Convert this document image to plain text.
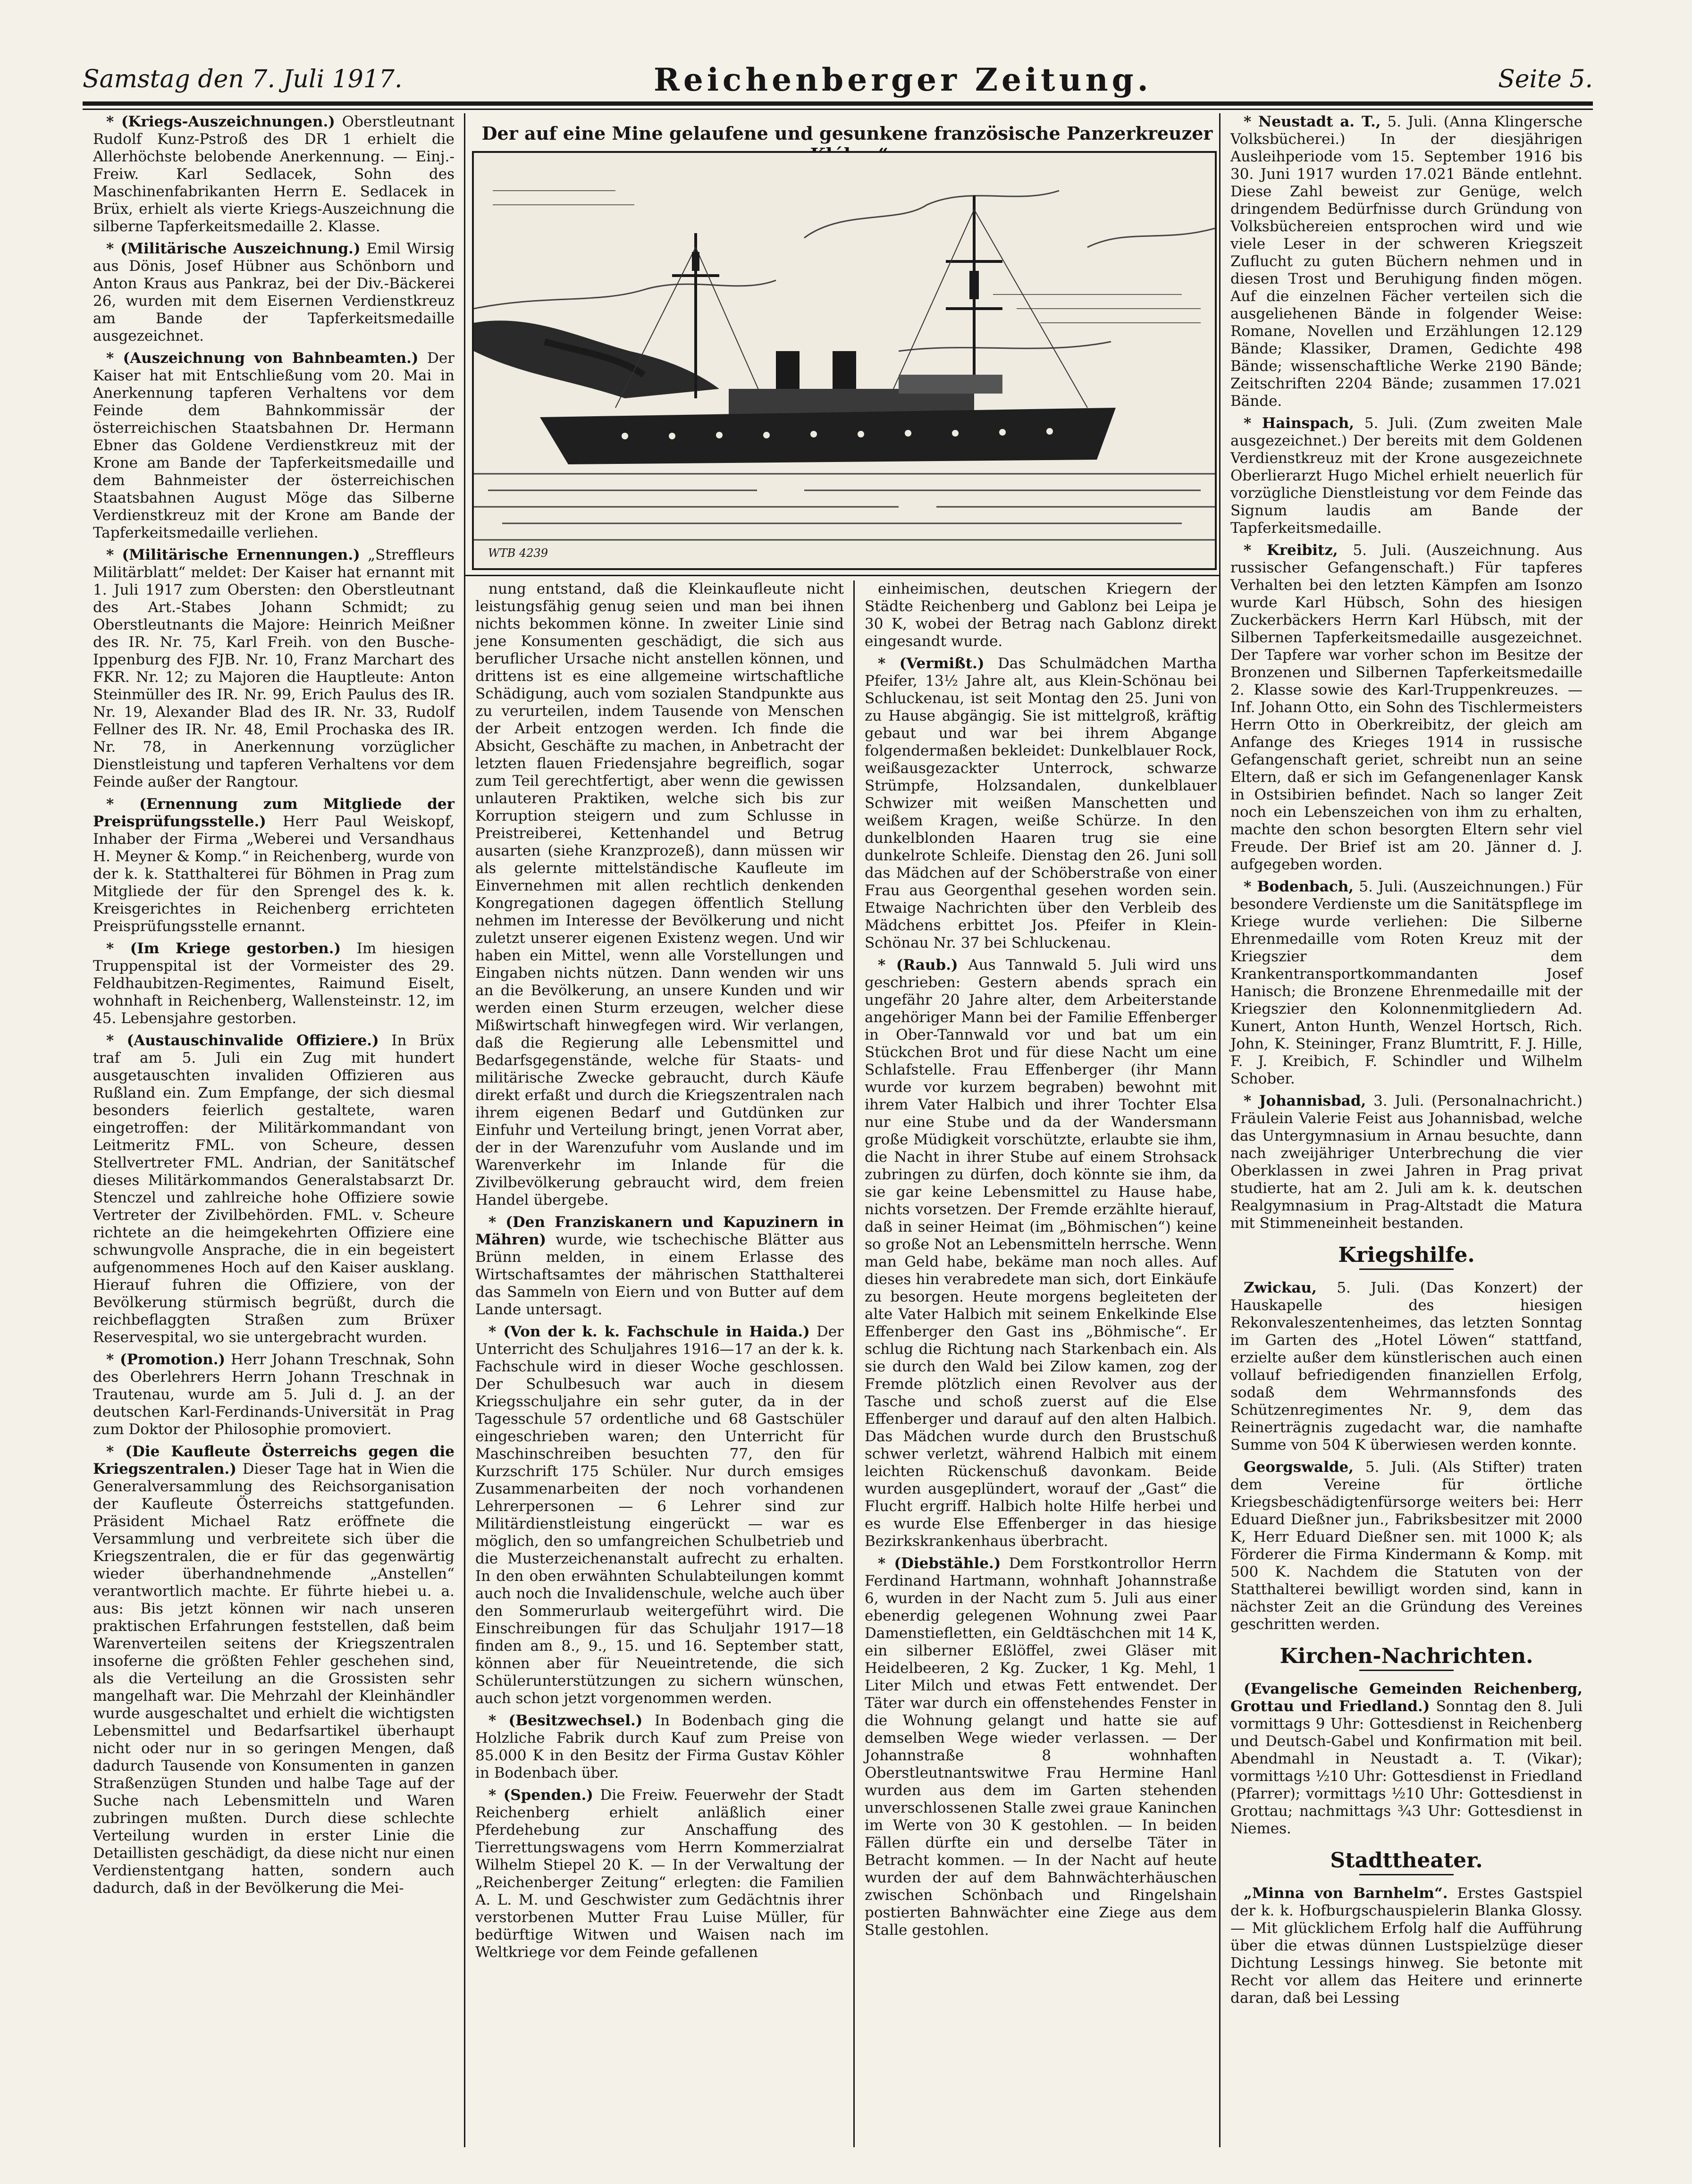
Samstag den 7. Juli 1917.	Reichenberger Zeitung.	Seite 5.
Der auf eine Mine gelaufene und gesunkene französische Panzerkreuzer
WTB 4239

* (Kriegs-Auszeichnungen.) Oberstleutnant Rudolf Kunz-Pstroß des DR 1 erhielt die Allerhöchste belobende Anerkennung. — Einj.-Freiw. Karl Sedlacek, Sohn des Maschinenfabrikanten Herrn E. Sedlacek in Brüx, erhielt als vierte Kriegs-Auszeichnung die silberne Tapferkeitsmedaille 2. Klasse.

* (Militärische Auszeichnung.) Emil Wirsig aus Dönis, Josef Hübner aus Schönborn und Anton Kraus aus Pankraz, bei der Div.-Bäckerei 26, wurden mit dem Eisernen Verdienstkreuz am Bande der Tapferkeitsmedaille ausgezeichnet.

* (Auszeichnung von Bahnbeamten.) Der Kaiser hat mit Entschließung vom 20. Mai in Anerkennung tapferen Verhaltens vor dem Feinde dem Bahnkommissär der österreichischen Staatsbahnen Dr. Hermann Ebner das Goldene Verdienstkreuz mit der Krone am Bande der Tapferkeitsmedaille und dem Bahnmeister der österreichischen Staatsbahnen August Möge das Silberne Verdienstkreuz mit der Krone am Bande der Tapferkeitsmedaille verliehen.

* (Militärische Ernennungen.) „Streffleurs Militärblatt“ meldet: Der Kaiser hat ernannt mit 1. Juli 1917 zum Obersten: den Oberstleutnant des Art.-Stabes Johann Schmidt; zu Oberstleutnants die Majore: Heinrich Meißner des IR. Nr. 75, Karl Freih. von den Busche-Ippenburg des FJB. Nr. 10, Franz Marchart des FKR. Nr. 12; zu Majoren die Hauptleute: Anton Steinmüller des IR. Nr. 99, Erich Paulus des IR. Nr. 19, Alexander Blad des IR. Nr. 33, Rudolf Fellner des IR. Nr. 48, Emil Prochaska des IR. Nr. 78, in Anerkennung vorzüglicher Dienstleistung und tapferen Verhaltens vor dem Feinde außer der Rangtour.

* (Ernennung zum Mitgliede der Preisprüfungsstelle.) Herr Paul Weiskopf, Inhaber der Firma „Weberei und Versandhaus H. Meyner & Komp.“ in Reichenberg, wurde von der k. k. Statthalterei für Böhmen in Prag zum Mitgliede der für den Sprengel des k. k. Kreisgerichtes in Reichenberg errichteten Preisprüfungsstelle ernannt.

* (Im Kriege gestorben.) Im hiesigen Truppenspital ist der Vormeister des 29. Feldhaubitzen-Regimentes, Raimund Eiselt, wohnhaft in Reichenberg, Wallensteinstr. 12, im 45. Lebensjahre gestorben.

* (Austauschinvalide Offiziere.) In Brüx traf am 5. Juli ein Zug mit hundert ausgetauschten invaliden Offizieren aus Rußland ein. Zum Empfange, der sich diesmal besonders feierlich gestaltete, waren eingetroffen: der Militärkommandant von Leitmeritz FML. von Scheure, dessen Stellvertreter FML. Andrian, der Sanitätschef dieses Militärkommandos Generalstabsarzt Dr. Stenczel und zahlreiche hohe Offiziere sowie Vertreter der Zivilbehörden. FML. v. Scheure richtete an die heimgekehrten Offiziere eine schwungvolle Ansprache, die in ein begeistert aufgenommenes Hoch auf den Kaiser ausklang. Hierauf fuhren die Offiziere, von der Bevölkerung stürmisch begrüßt, durch die reichbeflaggten Straßen zum Brüxer Reservespital, wo sie untergebracht wurden.

* (Promotion.) Herr Johann Treschnak, Sohn des Oberlehrers Herrn Johann Treschnak in Trautenau, wurde am 5. Juli d. J. an der deutschen Karl-Ferdinands-Universität in Prag zum Doktor der Philosophie promoviert.

* (Die Kaufleute Österreichs gegen die Kriegszentralen.) Dieser Tage hat in Wien die Generalversammlung des Reichsorganisation der Kaufleute Österreichs stattgefunden. Präsident Michael Ratz eröffnete die Versammlung und verbreitete sich über die Kriegszentralen, die er für das gegenwärtig wieder überhandnehmende „Anstellen“ verantwortlich machte. Er führte hiebei u. a. aus: Bis jetzt können wir nach unseren praktischen Erfahrungen feststellen, daß beim Warenverteilen seitens der Kriegszentralen insoferne die größten Fehler geschehen sind, als die Verteilung an die Grossisten sehr mangelhaft war. Die Mehrzahl der Kleinhändler wurde ausgeschaltet und erhielt die wichtigsten Lebensmittel und Bedarfsartikel überhaupt nicht oder nur in so geringen Mengen, daß dadurch Tausende von Konsumenten in ganzen Straßenzügen Stunden und halbe Tage auf der Suche nach Lebensmitteln und Waren zubringen mußten. Durch diese schlechte Verteilung wurden in erster Linie die Detaillisten geschädigt, da diese nicht nur einen Verdienstentgang hatten, sondern auch dadurch, daß in der Bevölkerung die Mei-

nung entstand, daß die Kleinkaufleute nicht leistungsfähig genug seien und man bei ihnen nichts bekommen könne. In zweiter Linie sind jene Konsumenten geschädigt, die sich aus beruflicher Ursache nicht anstellen können, und drittens ist es eine allgemeine wirtschaftliche Schädigung, auch vom sozialen Standpunkte aus zu verurteilen, indem Tausende von Menschen der Arbeit entzogen werden. Ich finde die Absicht, Geschäfte zu machen, in Anbetracht der letzten flauen Friedensjahre begreiflich, sogar zum Teil gerechtfertigt, aber wenn die gewissen unlauteren Praktiken, welche sich bis zur Korruption steigern und zum Schlusse in Preistreiberei, Kettenhandel und Betrug ausarten (siehe Kranzprozeß), dann müssen wir als gelernte mittelständische Kaufleute im Einvernehmen mit allen rechtlich denkenden Kongregationen dagegen öffentlich Stellung nehmen im Interesse der Bevölkerung und nicht zuletzt unserer eigenen Existenz wegen. Und wir haben ein Mittel, wenn alle Vorstellungen und Eingaben nichts nützen. Dann wenden wir uns an die Bevölkerung, an unsere Kunden und wir werden einen Sturm erzeugen, welcher diese Mißwirtschaft hinwegfegen wird. Wir verlangen, daß die Regierung alle Lebensmittel und Bedarfsgegenstände, welche für Staats- und militärische Zwecke gebraucht, durch Käufe direkt erfaßt und durch die Kriegszentralen nach ihrem eigenen Bedarf und Gutdünken zur Einfuhr und Verteilung bringt, jenen Vorrat aber, der in der Warenzufuhr vom Auslande und im Warenverkehr im Inlande für die Zivilbevölkerung gebraucht wird, dem freien Handel übergebe.

* (Den Franziskanern und Kapuzinern in Mähren) wurde, wie tschechische Blätter aus Brünn melden, in einem Erlasse des Wirtschaftsamtes der mährischen Statthalterei das Sammeln von Eiern und von Butter auf dem Lande untersagt.

* (Von der k. k. Fachschule in Haida.) Der Unterricht des Schuljahres 1916—17 an der k. k. Fachschule wird in dieser Woche geschlossen. Der Schulbesuch war auch in diesem Kriegsschuljahre ein sehr guter, da in der Tagesschule 57 ordentliche und 68 Gastschüler eingeschrieben waren; den Unterricht für Maschinschreiben besuchten 77, den für Kurzschrift 175 Schüler. Nur durch emsiges Zusammenarbeiten der noch vorhandenen Lehrerpersonen — 6 Lehrer sind zur Militärdienstleistung eingerückt — war es möglich, den so umfangreichen Schulbetrieb und die Musterzeichenanstalt aufrecht zu erhalten. In den oben erwähnten Schulabteilungen kommt auch noch die Invalidenschule, welche auch über den Sommerurlaub weitergeführt wird. Die Einschreibungen für das Schuljahr 1917—18 finden am 8., 9., 15. und 16. September statt, können aber für Neueintretende, die sich Schülerunterstützungen zu sichern wünschen, auch schon jetzt vorgenommen werden.

* (Besitzwechsel.) In Bodenbach ging die Holzliche Fabrik durch Kauf zum Preise von 85.000 K in den Besitz der Firma Gustav Köhler in Bodenbach über.

* (Spenden.) Die Freiw. Feuerwehr der Stadt Reichenberg erhielt anläßlich einer Pferdehebung zur Anschaffung des Tierrettungswagens vom Herrn Kommerzialrat Wilhelm Stiepel 20 K. — In der Verwaltung der „Reichenberger Zeitung“ erlegten: die Familien A. L. M. und Geschwister zum Gedächtnis ihrer verstorbenen Mutter Frau Luise Müller, für bedürftige Witwen und Waisen nach im Weltkriege vor dem Feinde gefallenen

einheimischen, deutschen Kriegern der Städte Reichenberg und Gablonz bei Leipa je 30 K, wobei der Betrag nach Gablonz direkt eingesandt wurde.

* (Vermißt.) Das Schulmädchen Martha Pfeifer, 13½ Jahre alt, aus Klein-Schönau bei Schluckenau, ist seit Montag den 25. Juni von zu Hause abgängig. Sie ist mittelgroß, kräftig gebaut und war bei ihrem Abgange folgendermaßen bekleidet: Dunkelblauer Rock, weißausgezackter Unterrock, schwarze Strümpfe, Holzsandalen, dunkelblauer Schwizer mit weißen Manschetten und weißem Kragen, weiße Schürze. In den dunkelblonden Haaren trug sie eine dunkelrote Schleife. Dienstag den 26. Juni soll das Mädchen auf der Schöberstraße von einer Frau aus Georgenthal gesehen worden sein. Etwaige Nachrichten über den Verbleib des Mädchens erbittet Jos. Pfeifer in Klein-Schönau Nr. 37 bei Schluckenau.

* (Raub.) Aus Tannwald 5. Juli wird uns geschrieben: Gestern abends sprach ein ungefähr 20 Jahre alter, dem Arbeiterstande angehöriger Mann bei der Familie Effenberger in Ober-Tannwald vor und bat um ein Stückchen Brot und für diese Nacht um eine Schlafstelle. Frau Effenberger (ihr Mann wurde vor kurzem begraben) bewohnt mit ihrem Vater Halbich und ihrer Tochter Elsa nur eine Stube und da der Wandersmann große Müdigkeit vorschützte, erlaubte sie ihm, die Nacht in ihrer Stube auf einem Strohsack zubringen zu dürfen, doch könnte sie ihm, da sie gar keine Lebensmittel zu Hause habe, nichts vorsetzen. Der Fremde erzählte hierauf, daß in seiner Heimat (im „Böhmischen“) keine so große Not an Lebensmitteln herrsche. Wenn man Geld habe, bekäme man noch alles. Auf dieses hin verabredete man sich, dort Einkäufe zu besorgen. Heute morgens begleiteten der alte Vater Halbich mit seinem Enkelkinde Else Effenberger den Gast ins „Böhmische“. Er schlug die Richtung nach Starkenbach ein. Als sie durch den Wald bei Zilow kamen, zog der Fremde plötzlich einen Revolver aus der Tasche und schoß zuerst auf die Else Effenberger und darauf auf den alten Halbich. Das Mädchen wurde durch den Brustschuß schwer verletzt, während Halbich mit einem leichten Rückenschuß davonkam. Beide wurden ausgeplündert, worauf der „Gast“ die Flucht ergriff. Halbich holte Hilfe herbei und es wurde Else Effenberger in das hiesige Bezirkskrankenhaus überbracht.

* (Diebstähle.) Dem Forstkontrollor Herrn Ferdinand Hartmann, wohnhaft Johannstraße 6, wurden in der Nacht zum 5. Juli aus einer ebenerdig gelegenen Wohnung zwei Paar Damenstiefletten, ein Geldtäschchen mit 14 K, ein silberner Eßlöffel, zwei Gläser mit Heidelbeeren, 2 Kg. Zucker, 1 Kg. Mehl, 1 Liter Milch und etwas Fett entwendet. Der Täter war durch ein offenstehendes Fenster in die Wohnung gelangt und hatte sie auf demselben Wege wieder verlassen. — Der Johannstraße 8 wohnhaften Oberstleutnantswitwe Frau Hermine Hanl wurden aus dem im Garten stehenden unverschlossenen Stalle zwei graue Kaninchen im Werte von 30 K gestohlen. — In beiden Fällen dürfte ein und derselbe Täter in Betracht kommen. — In der Nacht auf heute wurden der auf dem Bahnwächterhäuschen zwischen Schönbach und Ringelshain postierten Bahnwächter eine Ziege aus dem Stalle gestohlen.

* Neustadt a. T., 5. Juli. (Anna Klingersche Volksbücherei.) In der diesjährigen Ausleihperiode vom 15. September 1916 bis 30. Juni 1917 wurden 17.021 Bände entlehnt. Diese Zahl beweist zur Genüge, welch dringendem Bedürfnisse durch Gründung von Volksbüchereien entsprochen wird und wie viele Leser in der schweren Kriegszeit Zuflucht zu guten Büchern nehmen und in diesen Trost und Beruhigung finden mögen. Auf die einzelnen Fächer verteilen sich die ausgeliehenen Bände in folgender Weise: Romane, Novellen und Erzählungen 12.129 Bände; Klassiker, Dramen, Gedichte 498 Bände; wissenschaftliche Werke 2190 Bände; Zeitschriften 2204 Bände; zusammen 17.021 Bände.

* Hainspach, 5. Juli. (Zum zweiten Male ausgezeichnet.) Der bereits mit dem Goldenen Verdienstkreuz mit der Krone ausgezeichnete Oberlierarzt Hugo Michel erhielt neuerlich für vorzügliche Dienstleistung vor dem Feinde das Signum laudis am Bande der Tapferkeitsmedaille.

* Kreibitz, 5. Juli. (Auszeichnung. Aus russischer Gefangenschaft.) Für tapferes Verhalten bei den letzten Kämpfen am Isonzo wurde Karl Hübsch, Sohn des hiesigen Zuckerbäckers Herrn Karl Hübsch, mit der Silbernen Tapferkeitsmedaille ausgezeichnet. Der Tapfere war vorher schon im Besitze der Bronzenen und Silbernen Tapferkeitsmedaille 2. Klasse sowie des Karl-Truppenkreuzes. — Inf. Johann Otto, ein Sohn des Tischlermeisters Herrn Otto in Oberkreibitz, der gleich am Anfange des Krieges 1914 in russische Gefangenschaft geriet, schreibt nun an seine Eltern, daß er sich im Gefangenenlager Kansk in Ostsibirien befindet. Nach so langer Zeit noch ein Lebenszeichen von ihm zu erhalten, machte den schon besorgten Eltern sehr viel Freude. Der Brief ist am 20. Jänner d. J. aufgegeben worden.

* Bodenbach, 5. Juli. (Auszeichnungen.) Für besondere Verdienste um die Sanitätspflege im Kriege wurde verliehen: Die Silberne Ehrenmedaille vom Roten Kreuz mit der Kriegszier dem Krankentransportkommandanten Josef Hanisch; die Bronzene Ehrenmedaille mit der Kriegszier den Kolonnenmitgliedern Ad. Kunert, Anton Hunth, Wenzel Hortsch, Rich. John, K. Steininger, Franz Blumtritt, F. J. Hille, F. J. Kreibich, F. Schindler und Wilhelm Schober.

* Johannisbad, 3. Juli. (Personalnachricht.) Fräulein Valerie Feist aus Johannisbad, welche das Untergymnasium in Arnau besuchte, dann nach zweijähriger Unterbrechung die vier Oberklassen in zwei Jahren in Prag privat studierte, hat am 2. Juli am k. k. deutschen Realgymnasium in Prag-Altstadt die Matura mit Stimmeneinheit bestanden.

Kriegshilfe.

Zwickau, 5. Juli. (Das Konzert) der Hauskapelle des hiesigen Rekonvaleszentenheimes, das letzten Sonntag im Garten des „Hotel Löwen“ stattfand, erzielte außer dem künstlerischen auch einen vollauf befriedigenden finanziellen Erfolg, sodaß dem Wehrmannsfonds des Schützenregimentes Nr. 9, dem das Reinerträgnis zugedacht war, die namhafte Summe von 504 K überwiesen werden konnte.

Georgswalde, 5. Juli. (Als Stifter) traten dem Vereine für örtliche Kriegsbeschädigtenfürsorge weiters bei: Herr Eduard Dießner jun., Fabriksbesitzer mit 2000 K, Herr Eduard Dießner sen. mit 1000 K; als Förderer die Firma Kindermann & Komp. mit 500 K. Nachdem die Statuten von der Statthalterei bewilligt worden sind, kann in nächster Zeit an die Gründung des Vereines geschritten werden.

Kirchen-Nachrichten.

(Evangelische Gemeinden Reichenberg, Grottau und Friedland.) Sonntag den 8. Juli vormittags 9 Uhr: Gottesdienst in Reichenberg und Deutsch-Gabel und Konfirmation mit beil. Abendmahl in Neustadt a. T. (Vikar); vormittags ½10 Uhr: Gottesdienst in Friedland (Pfarrer); vormittags ½10 Uhr: Gottesdienst in Grottau; nachmittags ¾3 Uhr: Gottesdienst in Niemes.

Stadttheater.

„Minna von Barnhelm“. Erstes Gastspiel der k. k. Hofburgschauspielerin Blanka Glossy. — Mit glücklichem Erfolg half die Aufführung über die etwas dünnen Lustspielzüge dieser Dichtung Lessings hinweg. Sie betonte mit Recht vor allem das Heitere und erinnerte daran, daß bei Lessing
